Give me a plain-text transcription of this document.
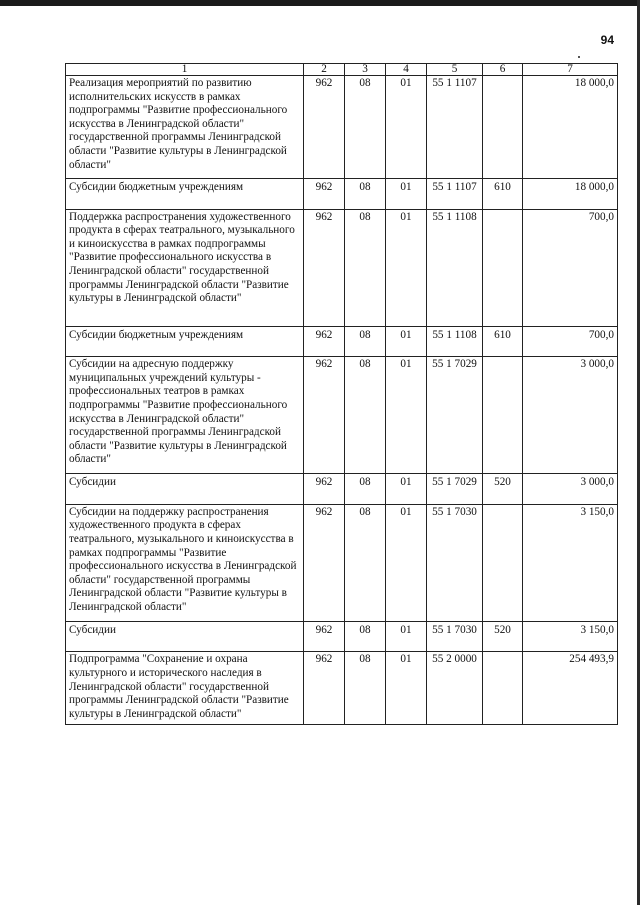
94
1	2	3	4	5	6	7
Реализация мероприятий по развитию исполнительских искусств в рамках подпрограммы "Развитие профессионального искусства в Ленинградской области" государственной программы Ленинградской области "Развитие культуры в Ленинградской области"	962	08	01	55 1 1107		18 000,0
Субсидии бюджетным учреждениям	962	08	01	55 1 1107	610	18 000,0
Поддержка распространения художественного продукта в сферах театрального, музыкального и киноискусства в рамках подпрограммы "Развитие профессионального искусства в Ленинградской области" государственной программы Ленинградской области "Развитие культуры в Ленинградской области"	962	08	01	55 1 1108		700,0
Субсидии бюджетным учреждениям	962	08	01	55 1 1108	610	700,0
Субсидии на адресную поддержку муниципальных учреждений культуры - профессиональных театров в рамках подпрограммы "Развитие профессионального искусства в Ленинградской области" государственной программы Ленинградской области "Развитие культуры в Ленинградской области"	962	08	01	55 1 7029		3 000,0
Субсидии	962	08	01	55 1 7029	520	3 000,0
Субсидии на поддержку распространения художественного продукта в сферах театрального, музыкального и киноискусства в рамках подпрограммы "Развитие профессионального искусства в Ленинградской области" государственной программы Ленинградской области "Развитие культуры в Ленинградской области"	962	08	01	55 1 7030		3 150,0
Субсидии	962	08	01	55 1 7030	520	3 150,0
Подпрограмма "Сохранение и охрана культурного и исторического наследия в Ленинградской области" государственной программы Ленинградской области "Развитие культуры в Ленинградской области"	962	08	01	55 2 0000		254 493,9
